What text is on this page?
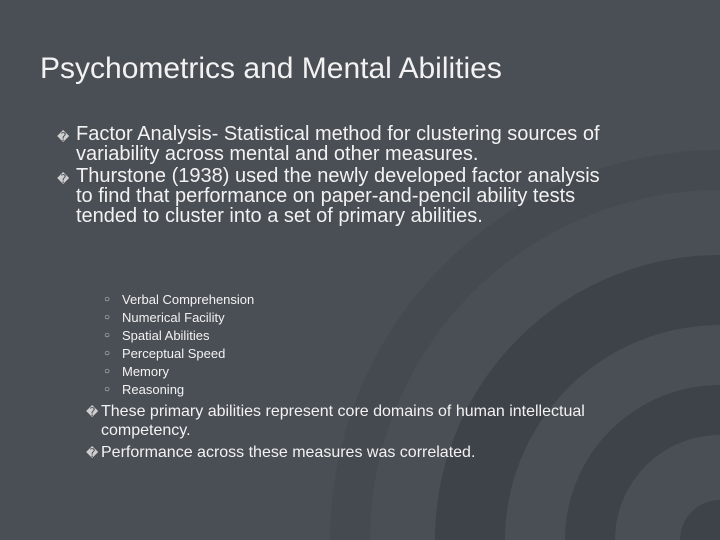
Psychometrics and Mental Abilities
� Factor Analysis- Statistical method for clustering sources of variability across mental and other measures.
� Thurstone (1938) used the newly developed factor analysis to find that performance on paper-and-pencil ability tests tended to cluster into a set of primary abilities.
○ Verbal Comprehension
○ Numerical Facility
○ Spatial Abilities
○ Perceptual Speed
○ Memory
○ Reasoning
� These primary abilities represent core domains of human intellectual competency.
� Performance across these measures was correlated.
